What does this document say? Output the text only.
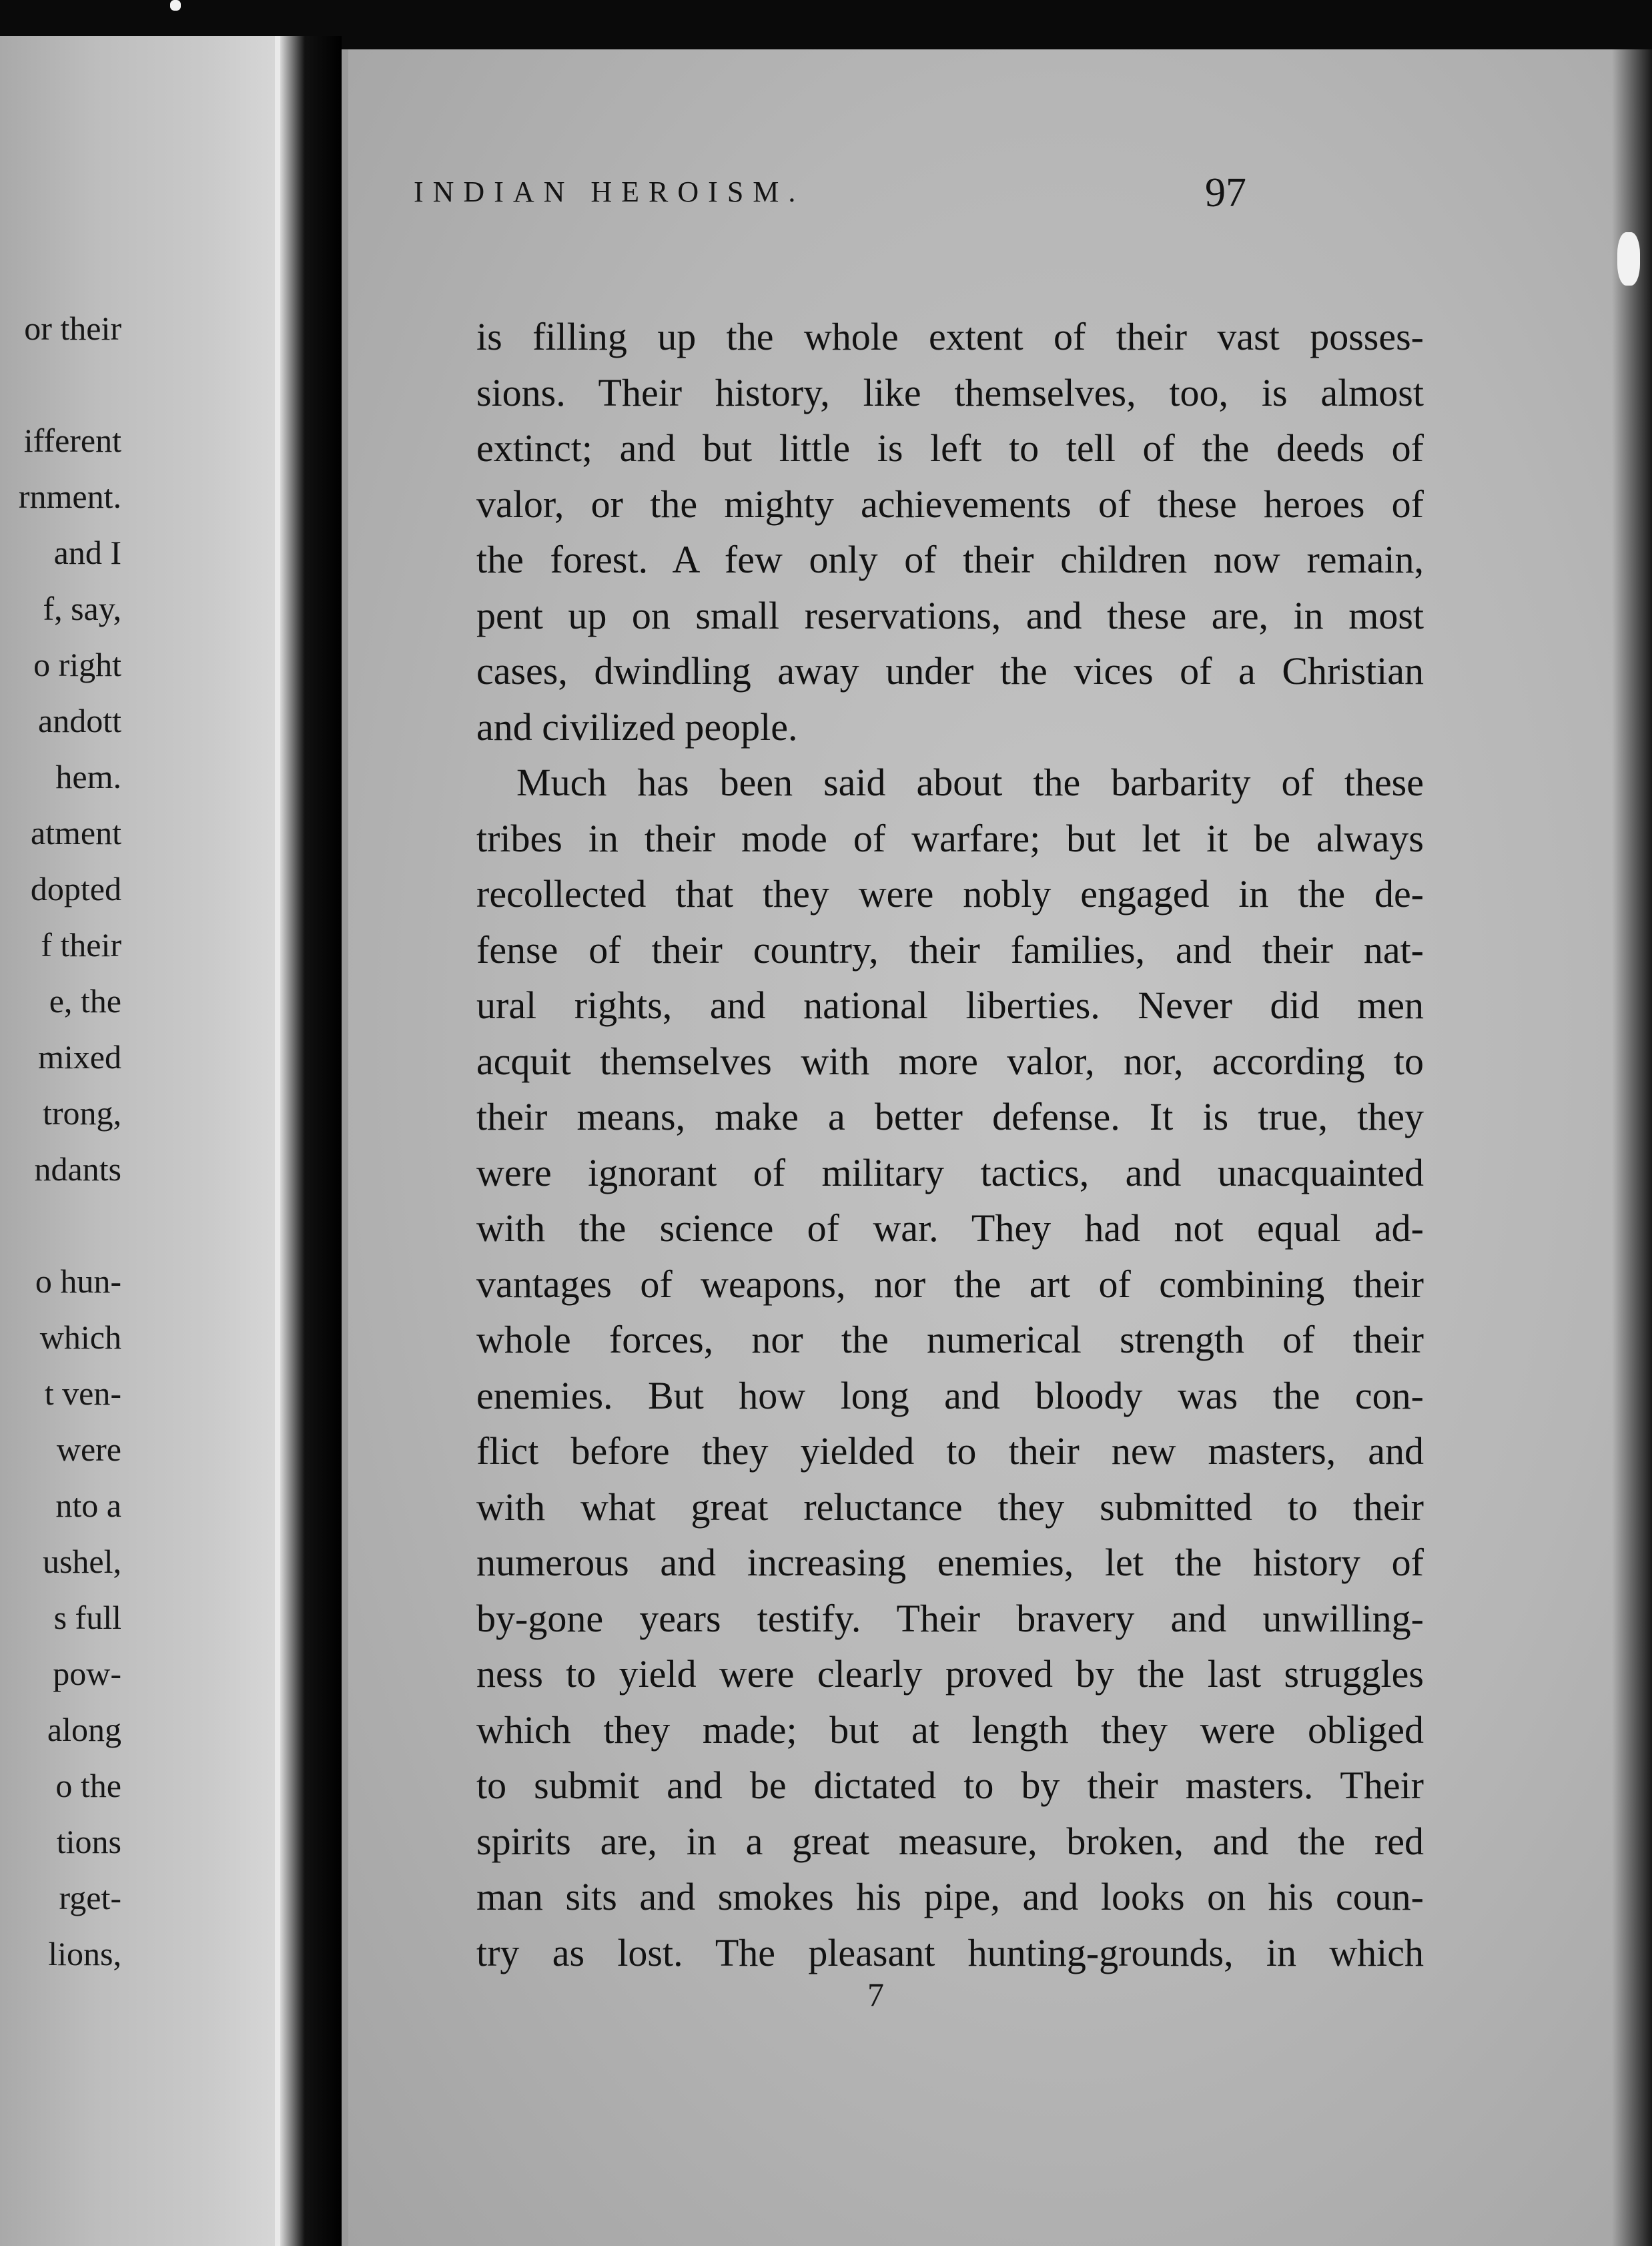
or their
ifferent
rnment.
and I
f, say,
o right
andott
hem.
atment
dopted
f their
e, the
mixed
trong,
ndants
o hun-
which
t ven-
were
nto a
ushel,
s full
pow-
along
o the
tions
rget-
lions,
INDIAN HEROISM.	97
is filling up the whole extent of their vast posses-
sions. Their history, like themselves, too, is almost
extinct; and but little is left to tell of the deeds of
valor, or the mighty achievements of these heroes of
the forest. A few only of their children now remain,
pent up on small reservations, and these are, in most
cases, dwindling away under the vices of a Christian
and civilized people.
Much has been said about the barbarity of these
tribes in their mode of warfare; but let it be always
recollected that they were nobly engaged in the de-
fense of their country, their families, and their nat-
ural rights, and national liberties. Never did men
acquit themselves with more valor, nor, according to
their means, make a better defense. It is true, they
were ignorant of military tactics, and unacquainted
with the science of war. They had not equal ad-
vantages of weapons, nor the art of combining their
whole forces, nor the numerical strength of their
enemies. But how long and bloody was the con-
flict before they yielded to their new masters, and
with what great reluctance they submitted to their
numerous and increasing enemies, let the history of
by-gone years testify. Their bravery and unwilling-
ness to yield were clearly proved by the last struggles
which they made; but at length they were obliged
to submit and be dictated to by their masters. Their
spirits are, in a great measure, broken, and the red
man sits and smokes his pipe, and looks on his coun-
try as lost. The pleasant hunting-grounds, in which
7
